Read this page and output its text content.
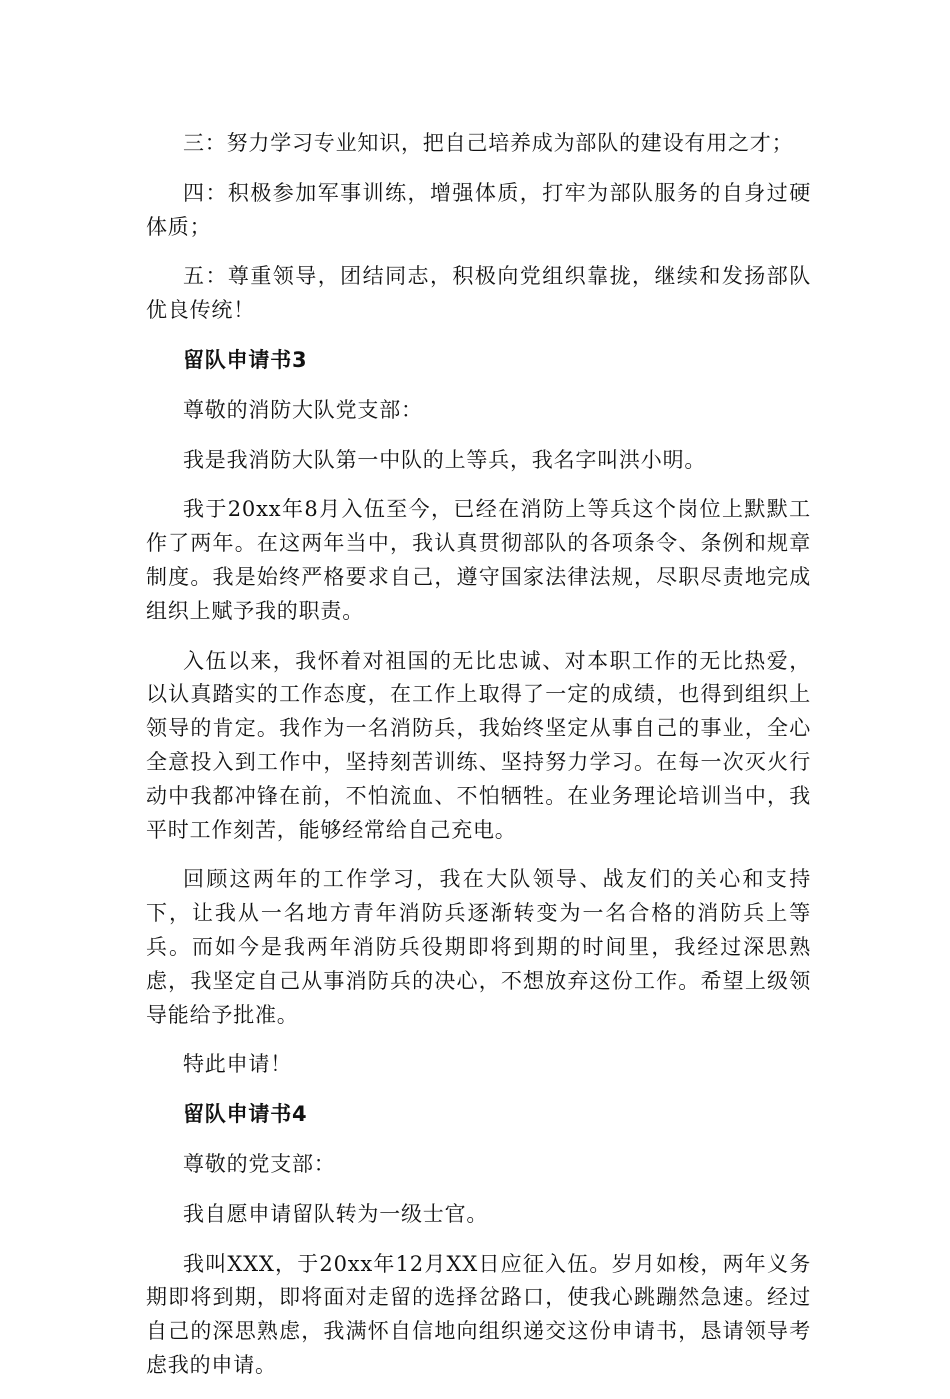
三：努力学习专业知识，把自己培养成为部队的建设有用之才；

四：积极参加军事训练，增强体质，打牢为部队服务的自身过硬体质；

五：尊重领导，团结同志，积极向党组织靠拢，继续和发扬部队优良传统！

留队申请书3

尊敬的消防大队党支部：

我是我消防大队第一中队的上等兵，我名字叫洪小明。

我于20xx年8月入伍至今，已经在消防上等兵这个岗位上默默工作了两年。在这两年当中，我认真贯彻部队的各项条令、条例和规章制度。我是始终严格要求自己，遵守国家法律法规，尽职尽责地完成组织上赋予我的职责。

入伍以来，我怀着对祖国的无比忠诚、对本职工作的无比热爱，以认真踏实的工作态度，在工作上取得了一定的成绩，也得到组织上领导的肯定。我作为一名消防兵，我始终坚定从事自己的事业，全心全意投入到工作中，坚持刻苦训练、坚持努力学习。在每一次灭火行动中我都冲锋在前，不怕流血、不怕牺牲。在业务理论培训当中，我平时工作刻苦，能够经常给自己充电。

回顾这两年的工作学习，我在大队领导、战友们的关心和支持下，让我从一名地方青年消防兵逐渐转变为一名合格的消防兵上等兵。而如今是我两年消防兵役期即将到期的时间里，我经过深思熟虑，我坚定自己从事消防兵的决心，不想放弃这份工作。希望上级领导能给予批准。

特此申请！

留队申请书4

尊敬的党支部：

我自愿申请留队转为一级士官。

我叫XXX，于20xx年12月XX日应征入伍。岁月如梭，两年义务期即将到期，即将面对走留的选择岔路口，使我心跳蹦然急速。经过自己的深思熟虑，我满怀自信地向组织递交这份申请书，恳请领导考虑我的申请。
